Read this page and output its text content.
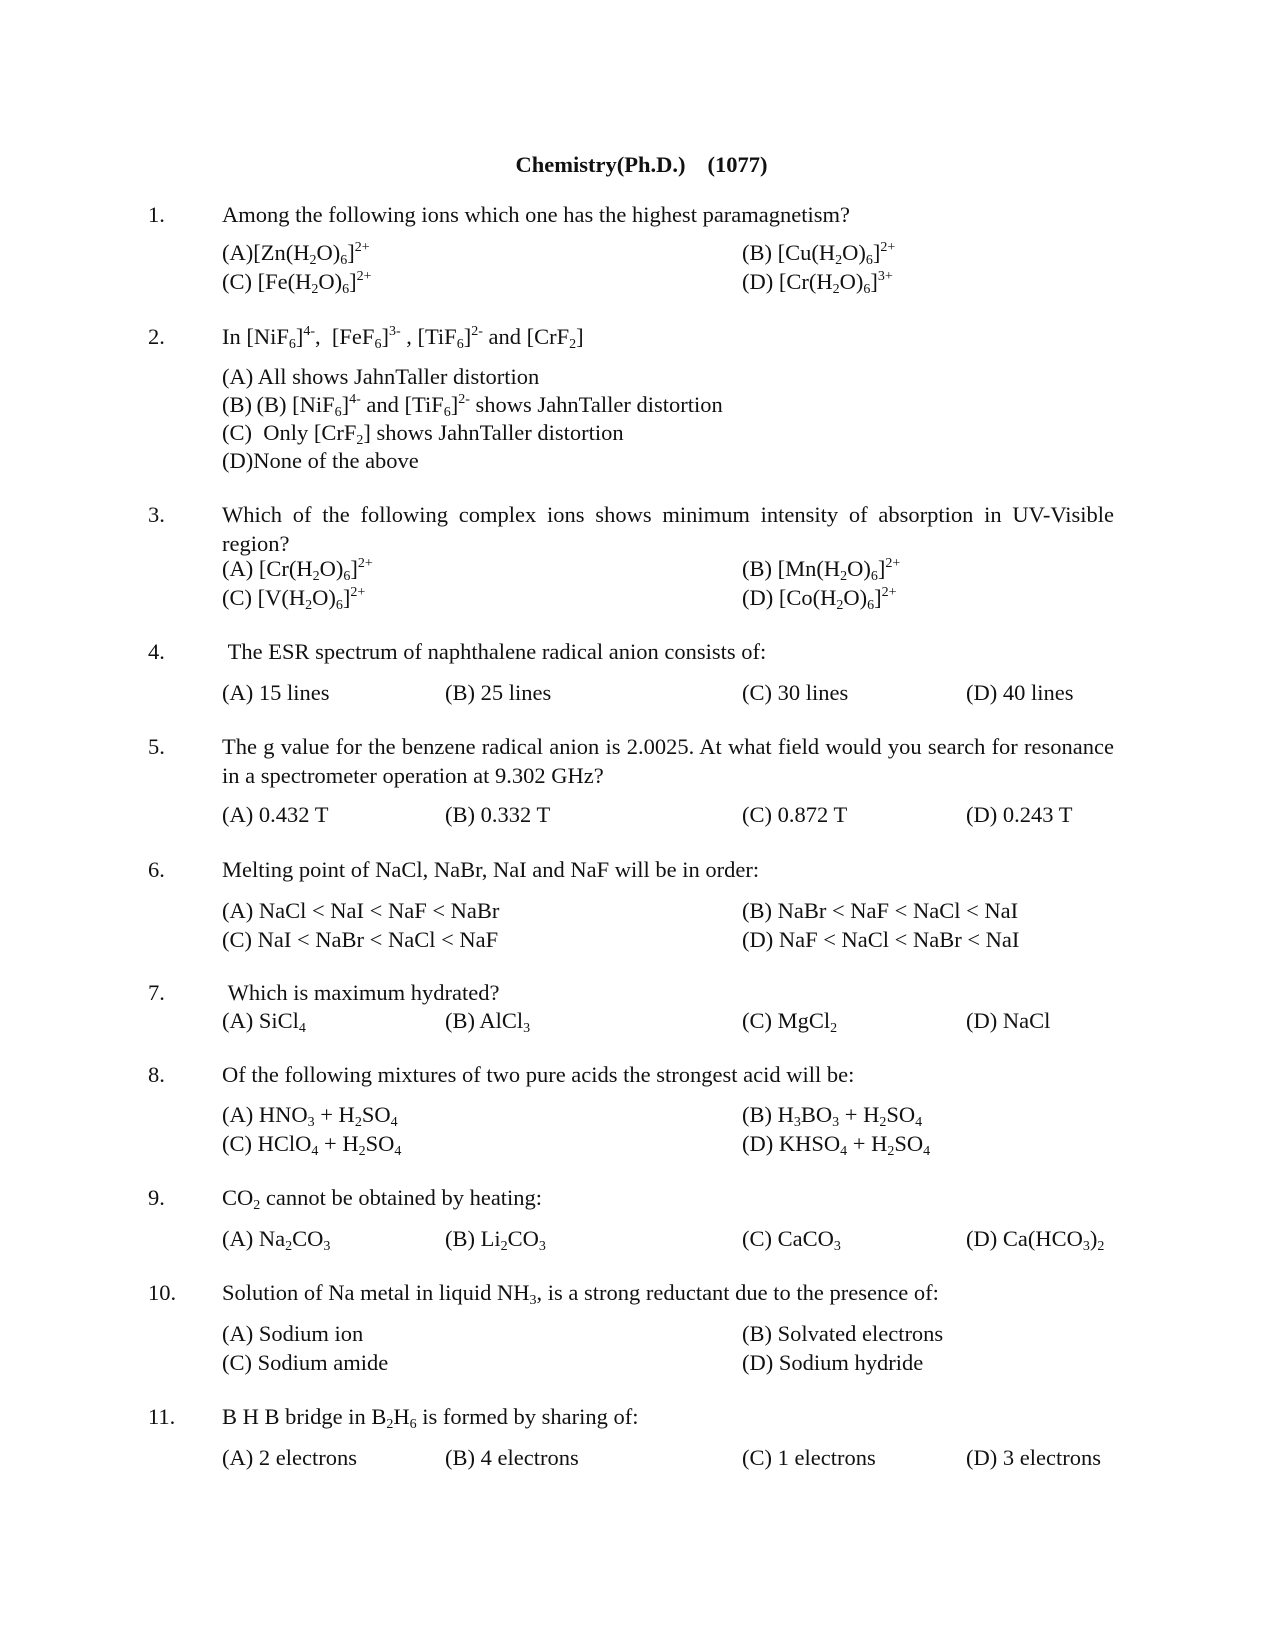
Chemistry(Ph.D.) (1077)
1.	Among the following ions which one has the highest paramagnetism?
$(A)[Zn(H_2O)_6]^{2+}$	(B) $[Cu(H_2O)_6]^{2+}$
(C) $[Fe(H_2O)_6]^{2+}$	(D) $[Cr(H_2O)_6]^{3+}$
2.	In $[NiF_6]^{4-}$,  $[FeF_6]^{3-}$ , $[TiF_6]^{2-}$ and [CrF$_2$]
(A) All shows JahnTaller distortion
(B) (B) $[NiF_6]^{4-}$ and $[TiF_6]^{2-}$ shows JahnTaller distortion
(C)  Only [CrF$_2$] shows JahnTaller distortion
(D)None of the above
3.	Which of the following complex ions shows minimum intensity of absorption in UV-Visible region?
(A) $[Cr(H_2O)_6]^{2+}$	(B) $[Mn(H_2O)_6]^{2+}$
(C) $[V(H_2O)_6]^{2+}$	(D) $[Co(H_2O)_6]^{2+}$
4.	The ESR spectrum of naphthalene radical anion consists of:
(A) 15 lines	(B) 25 lines	(C) 30 lines	(D) 40 lines
5.	The g value for the benzene radical anion is 2.0025. At what field would you search for resonance in a spectrometer operation at 9.302 GHz?
(A) 0.432 T	(B) 0.332 T	(C) 0.872 T	(D) 0.243 T
6.	Melting point of NaCl, NaBr, NaI and NaF will be in order:
(A) NaCl < NaI < NaF < NaBr	(B) NaBr < NaF < NaCl < NaI
(C) NaI < NaBr < NaCl < NaF	(D) NaF < NaCl < NaBr < NaI
7.	Which is maximum hydrated?
(A) SiCl$_4$	(B) AlCl$_3$	(C) MgCl$_2$	(D) NaCl
8.	Of the following mixtures of two pure acids the strongest acid will be:
(A) $HNO_3 + H_2SO_4$	(B) $H_3BO_3 + H_2SO_4$
(C) HClO$_4$ + $H_2SO_4$	(D) $KHSO_4 + H_2SO_4$
9.	$CO_2$ cannot be obtained by heating:
(A) $Na_2CO_3$	(B) $Li_2CO_3$	(C) CaCO$_3$	(D) $Ca(HCO_3)_2$
10. Solution of Na metal in liquid $NH_3$, is a strong reductant due to the presence of:
(A) Sodium ion	(B) Solvated electrons
(C) Sodium amide	(D) Sodium hydride
11. B H B bridge in $B_2H_6$ is formed by sharing of:
(A) 2 electrons	(B) 4 electrons	(C) 1 electrons	(D) 3 electrons
